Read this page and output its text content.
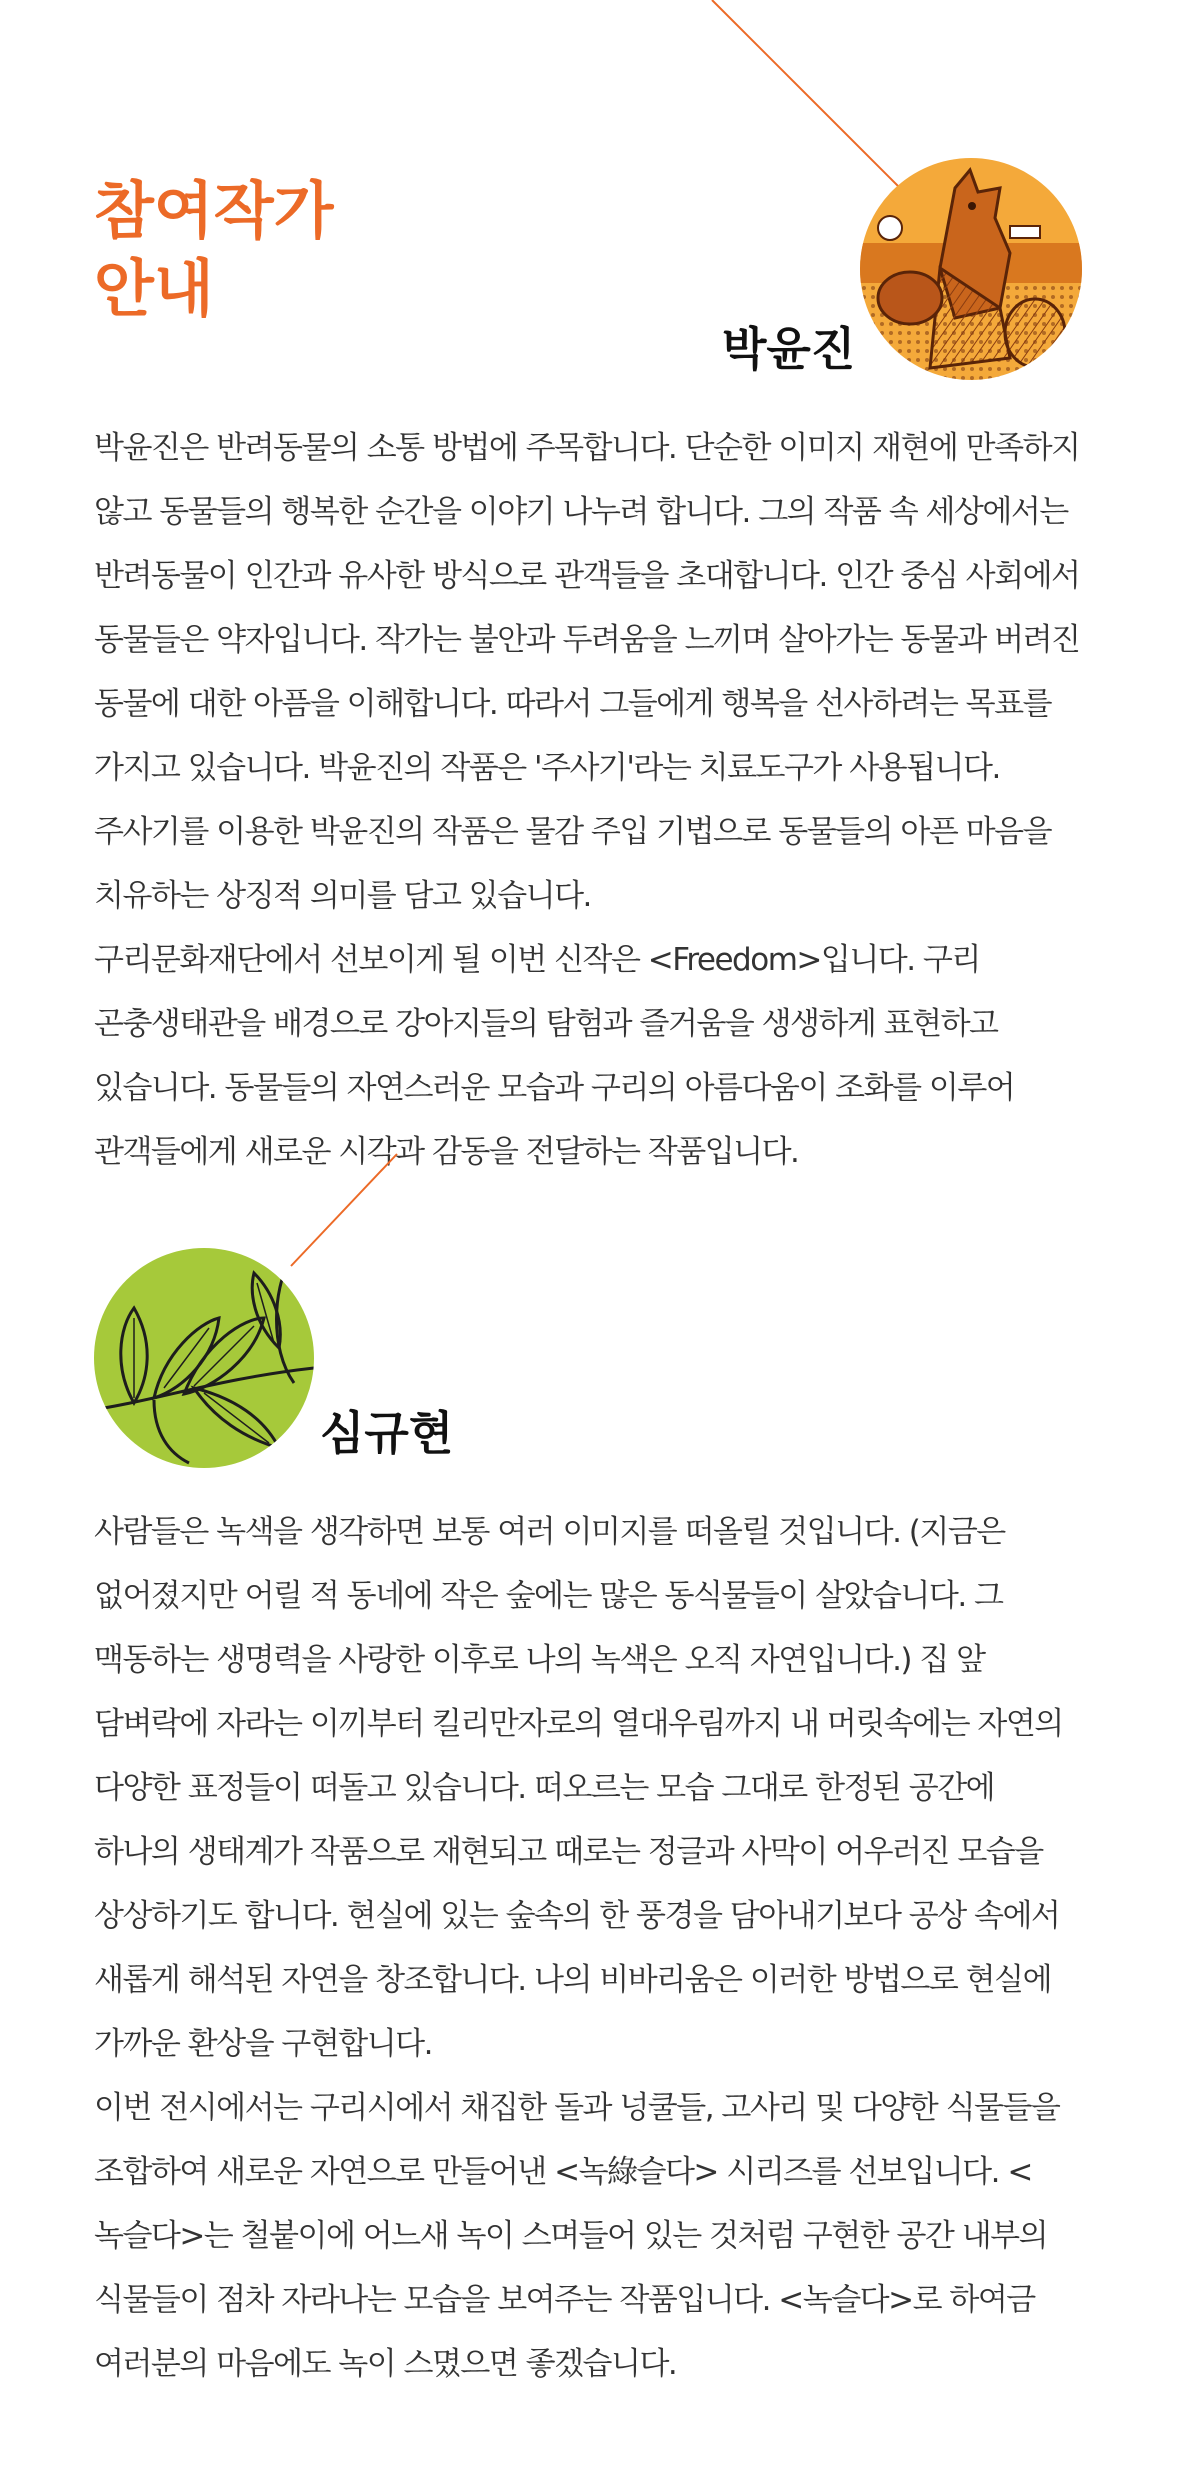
참여작가
안내
박윤진

박윤진은 반려동물의 소통 방법에 주목합니다. 단순한 이미지 재현에 만족하지 않고 동물들의 행복한 순간을 이야기 나누려 합니다. 그의 작품 속 세상에서는 반려동물이 인간과 유사한 방식으로 관객들을 초대합니다. 인간 중심 사회에서 동물들은 약자입니다. 작가는 불안과 두려움을 느끼며 살아가는 동물과 버려진 동물에 대한 아픔을 이해합니다. 따라서 그들에게 행복을 선사하려는 목표를 가지고 있습니다. 박윤진의 작품은 '주사기'라는 치료도구가 사용됩니다. 주사기를 이용한 박윤진의 작품은 물감 주입 기법으로 동물들의 아픈 마음을 치유하는 상징적 의미를 담고 있습니다.

구리문화재단에서 선보이게 될 이번 신작은 <Freedom>입니다. 구리 곤충생태관을 배경으로 강아지들의 탐험과 즐거움을 생생하게 표현하고 있습니다. 동물들의 자연스러운 모습과 구리의 아름다움이 조화를 이루어 관객들에게 새로운 시각과 감동을 전달하는 작품입니다.

심규현

사람들은 녹색을 생각하면 보통 여러 이미지를 떠올릴 것입니다. (지금은 없어졌지만 어릴 적 동네에 작은 숲에는 많은 동식물들이 살았습니다. 그 맥동하는 생명력을 사랑한 이후로 나의 녹색은 오직 자연입니다.) 집 앞 담벼락에 자라는 이끼부터 킬리만자로의 열대우림까지 내 머릿속에는 자연의 다양한 표정들이 떠돌고 있습니다. 떠오르는 모습 그대로 한정된 공간에 하나의 생태계가 작품으로 재현되고 때로는 정글과 사막이 어우러진 모습을 상상하기도 합니다. 현실에 있는 숲속의 한 풍경을 담아내기보다 공상 속에서 새롭게 해석된 자연을 창조합니다. 나의 비바리움은 이러한 방법으로 현실에 가까운 환상을 구현합니다.

이번 전시에서는 구리시에서 채집한 돌과 넝쿨들, 고사리 및 다양한 식물들을 조합하여 새로운 자연으로 만들어낸 <녹綠슬다> 시리즈를 선보입니다. <녹슬다>는 철붙이에 어느새 녹이 스며들어 있는 것처럼 구현한 공간 내부의 식물들이 점차 자라나는 모습을 보여주는 작품입니다. <녹슬다>로 하여금 여러분의 마음에도 녹이 스몄으면 좋겠습니다.
